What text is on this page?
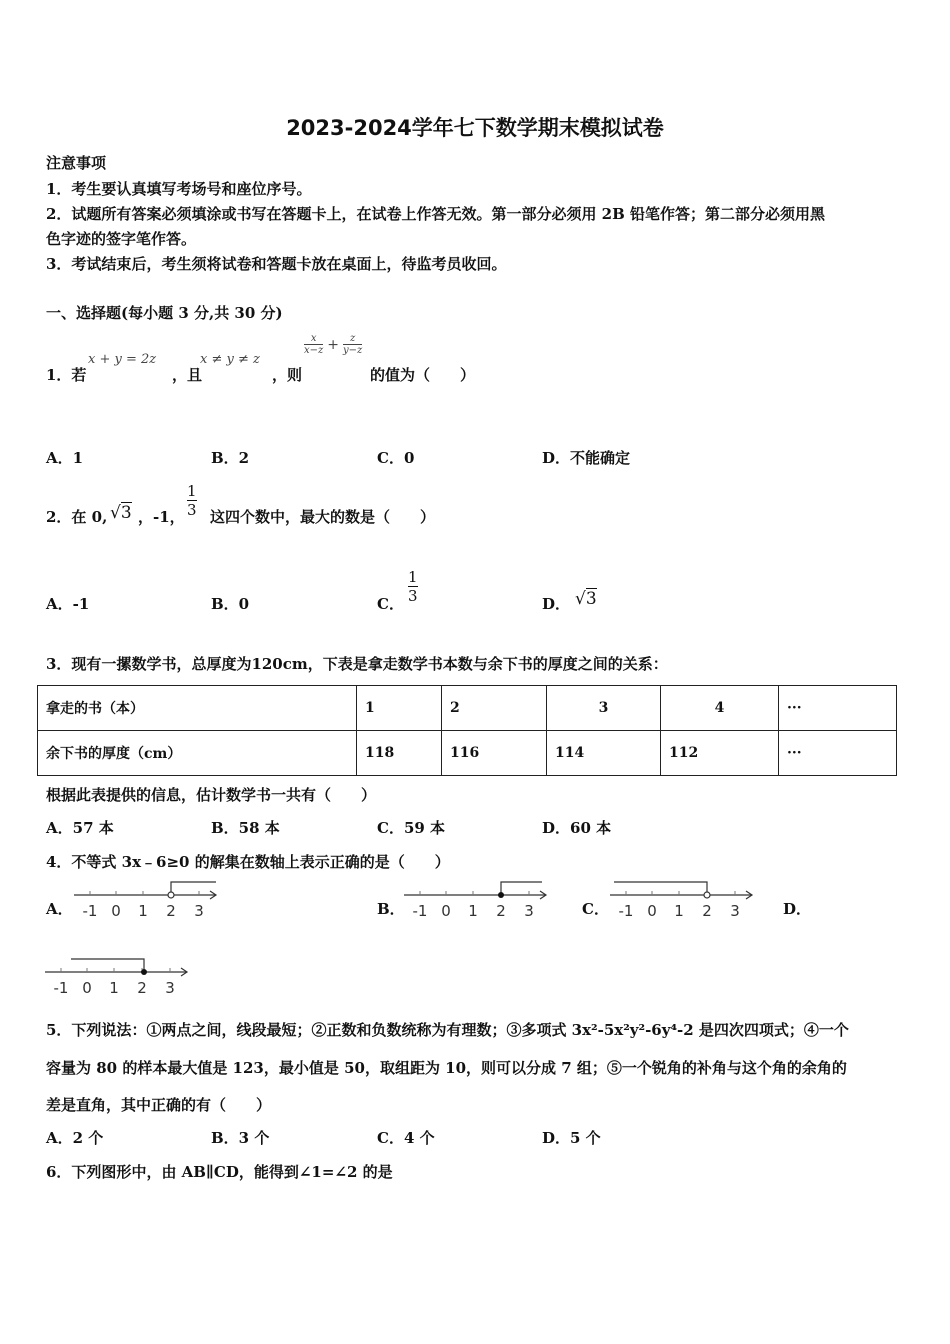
2023-2024学年七下数学期末模拟试卷
注意事项
1．考生要认真填写考场号和座位序号。
2．试题所有答案必须填涂或书写在答题卡上，在试卷上作答无效。第一部分必须用 2B 铅笔作答；第二部分必须用黑
色字迹的签字笔作答。
3．考试结束后，考生须将试卷和答题卡放在桌面上，待监考员收回。
一、选择题(每小题 3 分,共 30 分)
1．若
x + y = 2z
，且
x ≠ y ≠ z
，则
$\frac{x}{x-z} + \frac{z}{y-z}$
的值为（　　）
A．1	B．2	C．0	D．不能确定
2．在 0, √3 ，-1，
1
3 这四个数中，最大的数是（　　）
A．-1	B．0	C．
1
3	D． √3
3．现有一摞数学书，总厚度为120cm，下表是拿走数学书本数与余下书的厚度之间的关系：
拿走的书（本）	1	2	3	4	···
余下书的厚度（cm）	118	116	114	112	···
根据此表提供的信息，估计数学书一共有（　　）
A．57 本	B．58 本	C．59 本	D．60 本
4．不等式 3x﹣6≥0 的解集在数轴上表示正确的是（　　）
A．	B．	C．	D．
-1 0 1 2 3	-1 0 1 2 3	-1 0 1 2 3
-1 0 1 2 3
5．下列说法：①两点之间，线段最短；②正数和负数统称为有理数；③多项式 3x²-5x²y²-6y⁴-2 是四次四项式；④一个
容量为 80 的样本最大值是 123，最小值是 50，取组距为 10，则可以分成 7 组；⑤一个锐角的补角与这个角的余角的
差是直角，其中正确的有（　　）
A．2 个	B．3 个	C．4 个	D．5 个
6．下列图形中，由 AB∥CD，能得到∠1=∠2 的是
